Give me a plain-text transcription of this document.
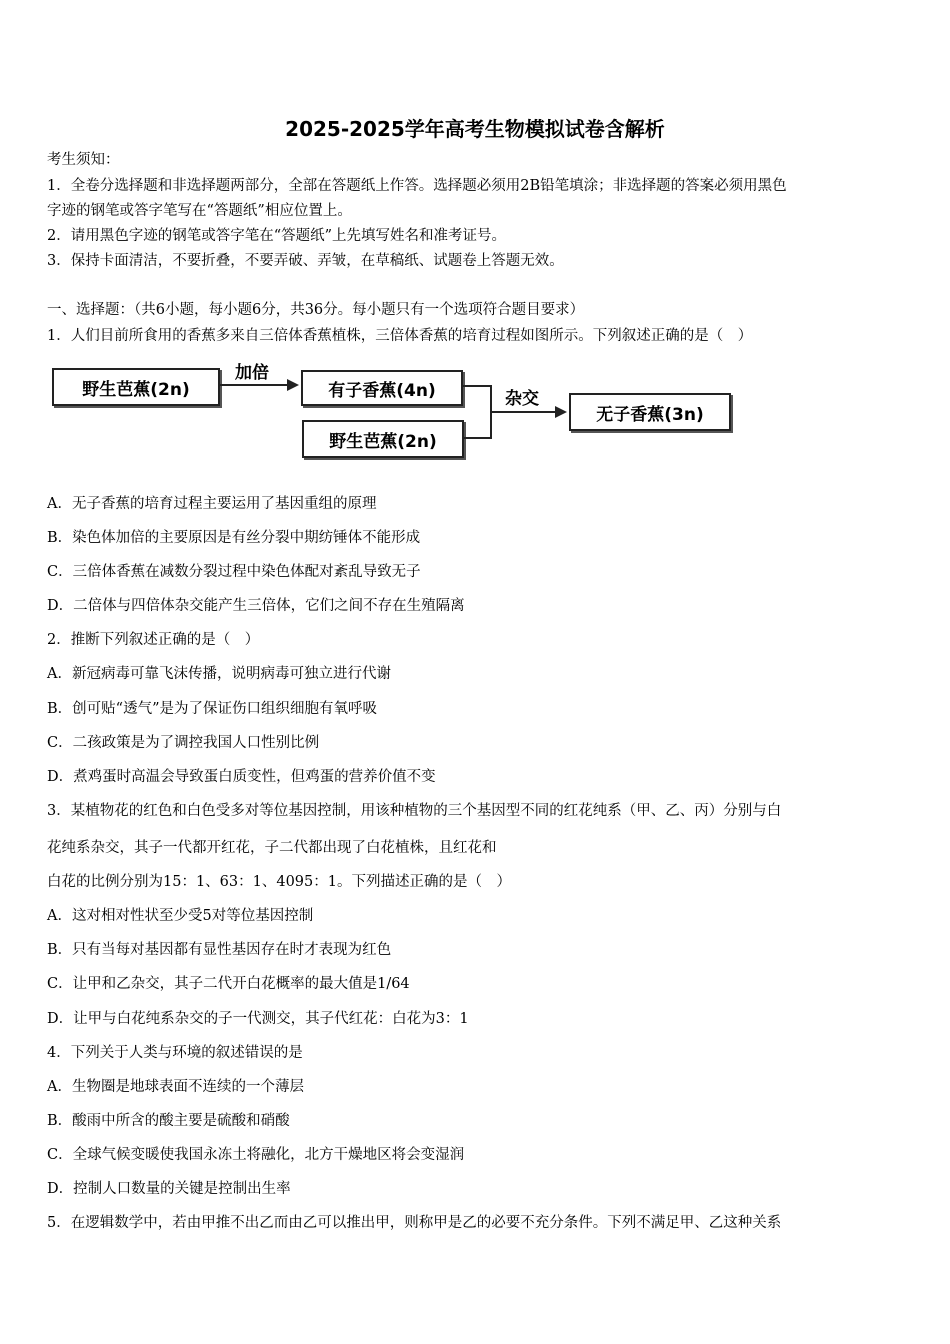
2025-2025学年高考生物模拟试卷含解析
考生须知：
1．全卷分选择题和非选择题两部分，全部在答题纸上作答。选择题必须用2B铅笔填涂；非选择题的答案必须用黑色
字迹的钢笔或答字笔写在“答题纸”相应位置上。
2．请用黑色字迹的钢笔或答字笔在“答题纸”上先填写姓名和准考证号。
3．保持卡面清洁，不要折叠，不要弄破、弄皱，在草稿纸、试题卷上答题无效。
一、选择题：（共6小题，每小题6分，共36分。每小题只有一个选项符合题目要求）
1．人们目前所食用的香蕉多来自三倍体香蕉植株，三倍体香蕉的培育过程如图所示。下列叙述正确的是（　）
野生芭蕉(2n)	有子香蕉(4n)
野生芭蕉(2n)
无子香蕉(3n)
加倍
杂交
A．无子香蕉的培育过程主要运用了基因重组的原理
B．染色体加倍的主要原因是有丝分裂中期纺锤体不能形成
C．三倍体香蕉在减数分裂过程中染色体配对紊乱导致无子
D．二倍体与四倍体杂交能产生三倍体，它们之间不存在生殖隔离
2．推断下列叙述正确的是（　）
A．新冠病毒可靠飞沫传播，说明病毒可独立进行代谢
B．创可贴“透气”是为了保证伤口组织细胞有氧呼吸
C．二孩政策是为了调控我国人口性别比例
D．煮鸡蛋时高温会导致蛋白质变性，但鸡蛋的营养价值不变
3．某植物花的红色和白色受多对等位基因控制，用该种植物的三个基因型不同的红花纯系（甲、乙、丙）分别与白
花纯系杂交，其子一代都开红花，子二代都出现了白花植株，且红花和
白花的比例分别为15：1、63：1、4095：1。下列描述正确的是（　）
A．这对相对性状至少受5对等位基因控制
B．只有当每对基因都有显性基因存在时才表现为红色
C．让甲和乙杂交，其子二代开白花概率的最大值是1/64
D．让甲与白花纯系杂交的子一代测交，其子代红花：白花为3：1
4．下列关于人类与环境的叙述错误的是
A．生物圈是地球表面不连续的一个薄层
B．酸雨中所含的酸主要是硫酸和硝酸
C．全球气候变暖使我国永冻土将融化，北方干燥地区将会变湿润
D．控制人口数量的关键是控制出生率
5．在逻辑数学中，若由甲推不出乙而由乙可以推出甲，则称甲是乙的必要不充分条件。下列不满足甲、乙这种关系
